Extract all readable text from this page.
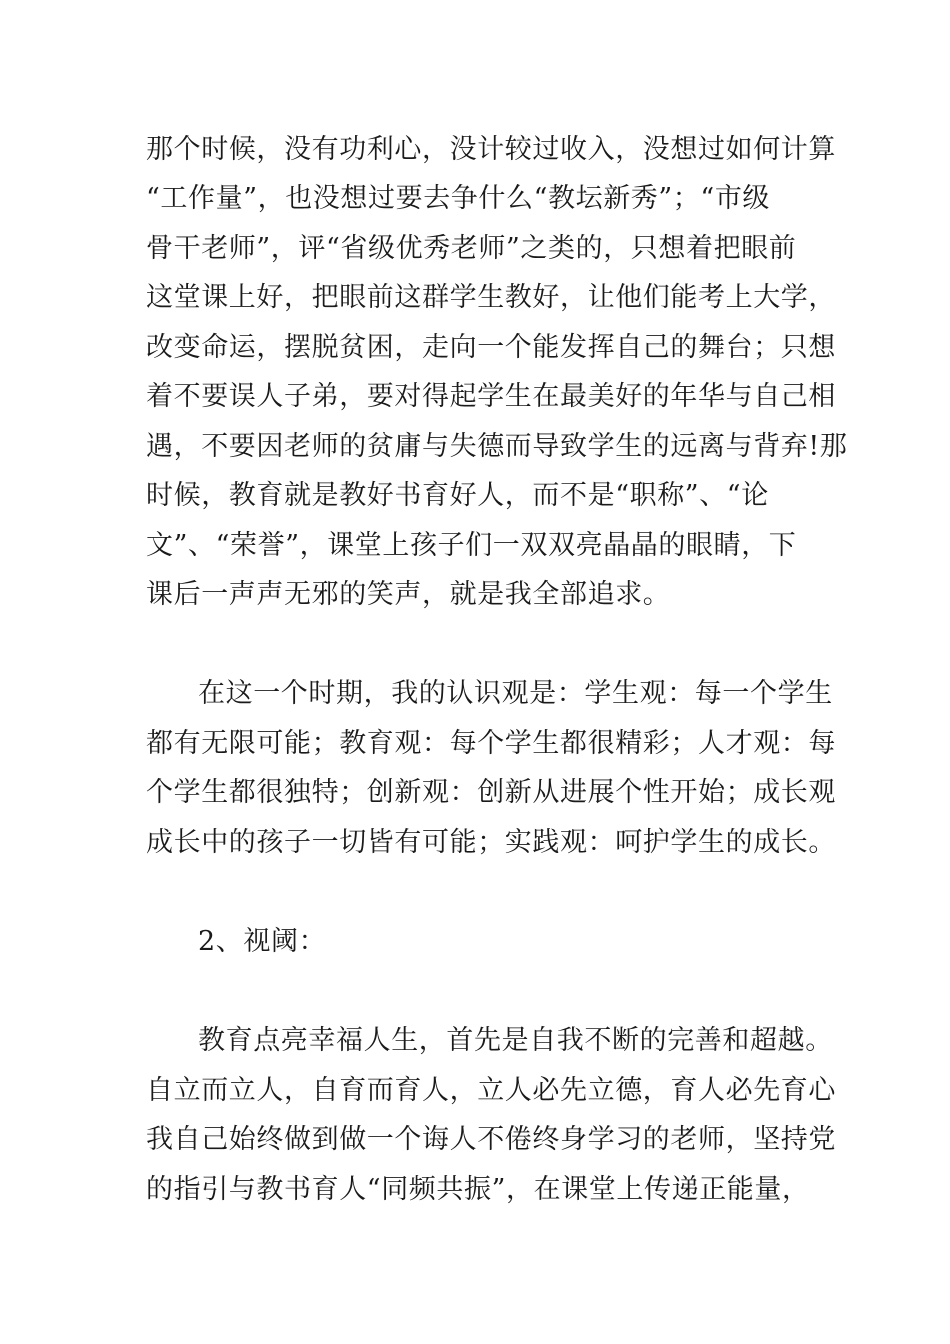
那个时候，没有功利心，没计较过收入，没想过如何计算

“工作量”，也没想过要去争什么“教坛新秀”；“市级

骨干老师”，评“省级优秀老师”之类的，只想着把眼前

这堂课上好，把眼前这群学生教好，让他们能考上大学，

改变命运，摆脱贫困，走向一个能发挥自己的舞台；只想

着不要误人子弟，要对得起学生在最美好的年华与自己相

遇，不要因老师的贫庸与失德而导致学生的远离与背弃!那

时候，教育就是教好书育好人，而不是“职称”、“论

文”、“荣誉”，课堂上孩子们一双双亮晶晶的眼睛，下

课后一声声无邪的笑声，就是我全部追求。

在这一个时期，我的认识观是：学生观：每一个学生

都有无限可能；教育观：每个学生都很精彩；人才观：每

个学生都很独特；创新观：创新从进展个性开始；成长观

成长中的孩子一切皆有可能；实践观：呵护学生的成长。

2、视阈：

教育点亮幸福人生，首先是自我不断的完善和超越。

自立而立人，自育而育人，立人必先立德，育人必先育心

我自己始终做到做一个诲人不倦终身学习的老师，坚持党

的指引与教书育人“同频共振”，在课堂上传递正能量，
